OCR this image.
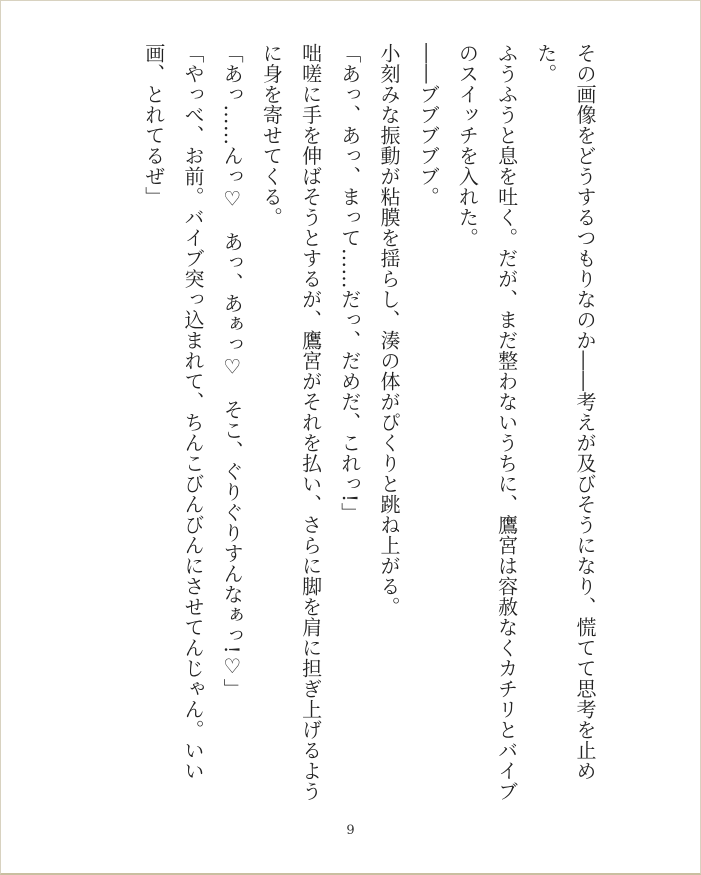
その画像をどうするつもりなのか――考えが及びそうになり、慌てて思考を止めた。

ふうふうと息を吐く。だが、まだ整わないうちに、鷹宮は容赦なくカチリとバイブのスイッチを入れた。

――ブブブブブ。

小刻みな振動が粘膜を揺らし、湊の体がぴくりと跳ね上がる。

「あっ、あっ、まって……だっ、だめだ、これっ!」

咄嗟に手を伸ばそうとするが、鷹宮がそれを払い、さらに脚を肩に担ぎ上げるように身を寄せてくる。

「あっ……んっ♡　あっ、あぁっ♡　そこ、ぐりぐりすんなぁっ!♡」

「やっべ、お前。バイブ突っ込まれて、ちんこびんびんにさせてんじゃん。いい画、とれてるぜ」

9
